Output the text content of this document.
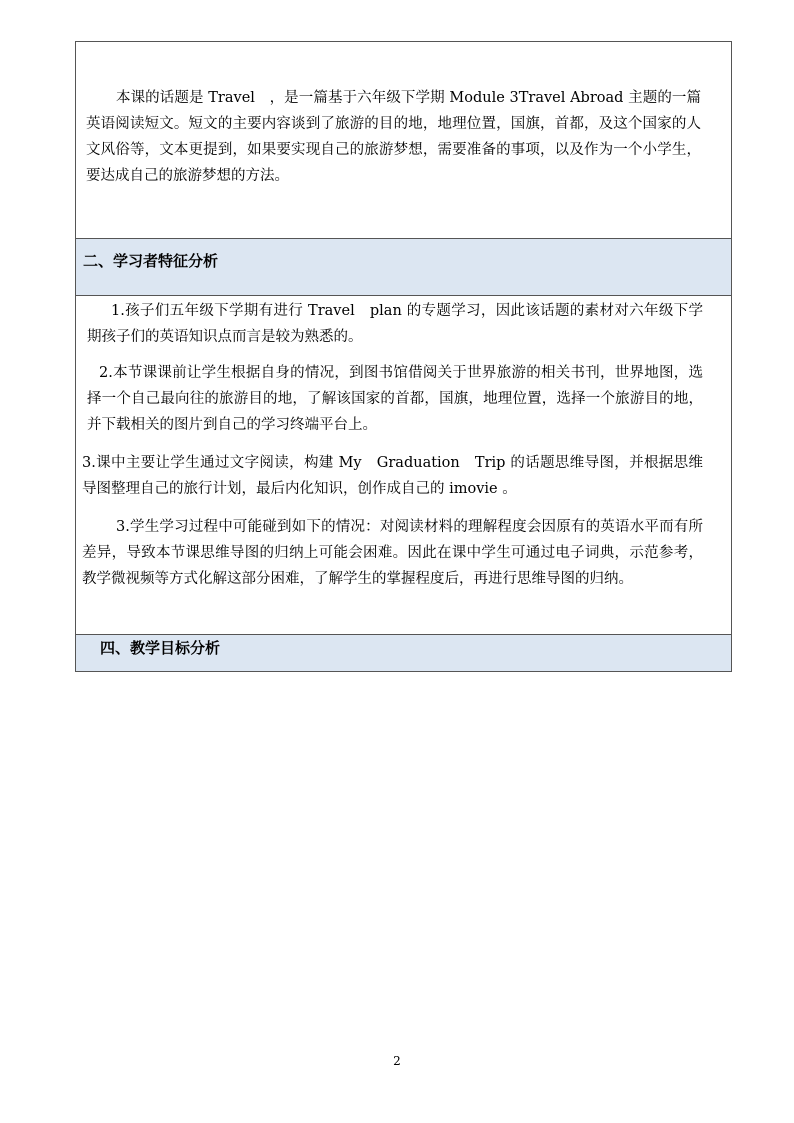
本课的话题是 Travel　，是一篇基于六年级下学期 Module 3Travel Abroad 主题的一篇英语阅读短文。短文的主要内容谈到了旅游的目的地，地理位置，国旗，首都，及这个国家的人文风俗等，文本更提到，如果要实现自己的旅游梦想，需要准备的事项，以及作为一个小学生，要达成自己的旅游梦想的方法。

二、学习者特征分析

1.孩子们五年级下学期有进行 Travel　plan 的专题学习，因此该话题的素材对六年级下学期孩子们的英语知识点而言是较为熟悉的。

2.本节课课前让学生根据自身的情况，到图书馆借阅关于世界旅游的相关书刊，世界地图，选择一个自己最向往的旅游目的地，了解该国家的首都，国旗，地理位置，选择一个旅游目的地，并下载相关的图片到自己的学习终端平台上。

3.课中主要让学生通过文字阅读，构建 My　Graduation　Trip 的话题思维导图，并根据思维导图整理自己的旅行计划，最后内化知识，创作成自己的 imovie 。

3.学生学习过程中可能碰到如下的情况：对阅读材料的理解程度会因原有的英语水平而有所差异，导致本节课思维导图的归纳上可能会困难。因此在课中学生可通过电子词典，示范参考，教学微视频等方式化解这部分困难，了解学生的掌握程度后，再进行思维导图的归纳。

四、教学目标分析
2
